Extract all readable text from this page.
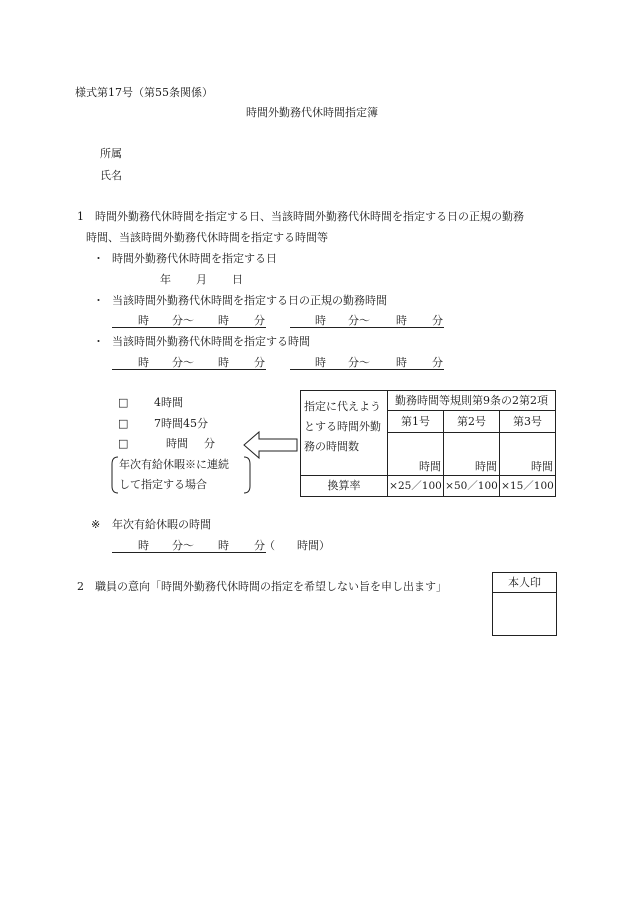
様式第17号（第55条関係）
時間外勤務代休時間指定簿
所属
氏名
1　時間外勤務代休時間を指定する日、当該時間外勤務代休時間を指定する日の正規の勤務
時間、当該時間外勤務代休時間を指定する時間等
・ 時間外勤務代休時間を指定する日
年 月 日
・ 当該時間外勤務代休時間を指定する日の正規の勤務時間
時 分〜 時 分	時 分〜 時 分
・ 当該時間外勤務代休時間を指定する時間
時 分〜 時 分	時 分〜 時 分
□ 4時間
□ 7時間45分
□	時間 分
年次有給休暇※に連続
して指定する場合
指定に代えよう
とする時間外勤
務の時間数	勤務時間等規則第9条の2第2項		
	第1号	第2号	第3号
	時間	時間	時間
換算率	×25／100	×50／100	×15／100
※ 年次有給休暇の時間
時 分〜 時 分 （　　時間）
2　職員の意向「時間外勤務代休時間の指定を希望しない旨を申し出ます」	本人印
